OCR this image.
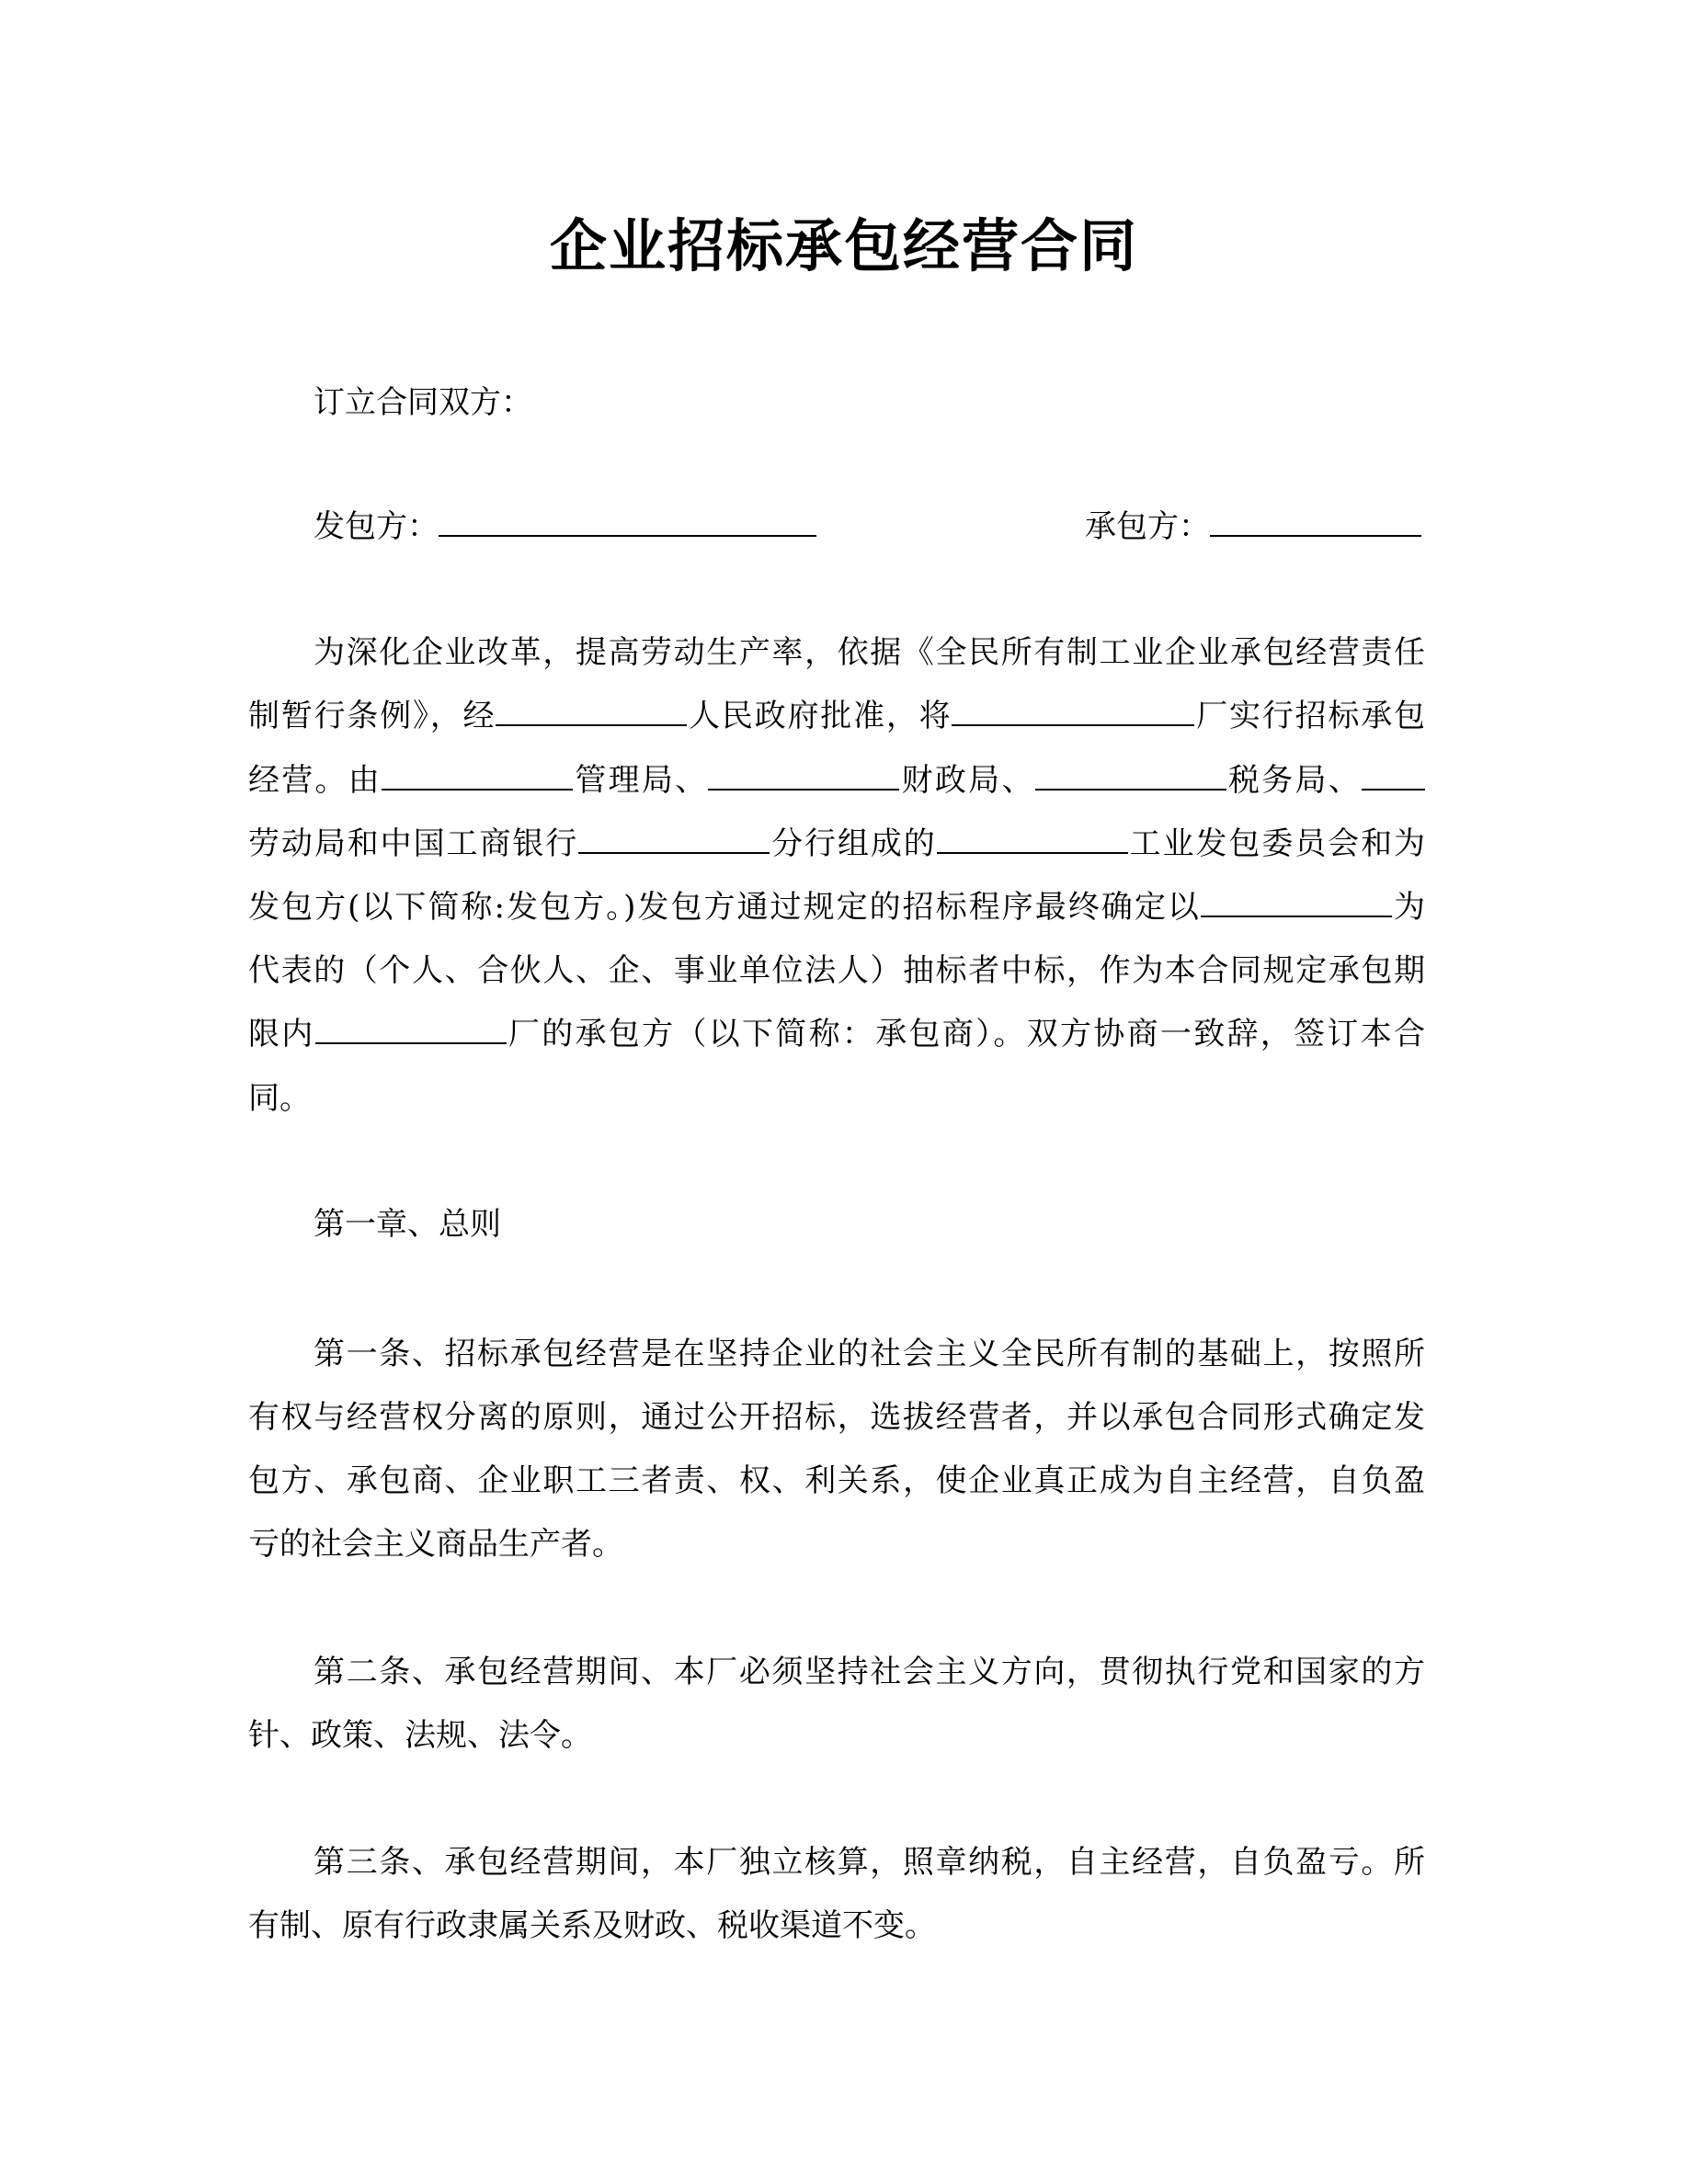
企业招标承包经营合同
订立合同双方：
发包方：	承包方：
为深化企业改革，提高劳动生产率，依据《全民所有制工业企业承包经营责任
制暂行条例》，经	人民政府批准，将	厂实行招标承包
经营。由	管理局、	财政局、	税务局、
劳动局和中国工商银行	分行组成的	工业发包委员会和为
发包方(以下简称:发包方。)发包方通过规定的招标程序最终确定以	为
代表的（个人、合伙人、企、事业单位法人）抽标者中标，作为本合同规定承包期
限内	厂的承包方（以下简称：承包商）。双方协商一致辞，签订本合
同。
第一章、总则
第一条、招标承包经营是在坚持企业的社会主义全民所有制的基础上，按照所
有权与经营权分离的原则，通过公开招标，选拔经营者，并以承包合同形式确定发
包方、承包商、企业职工三者责、权、利关系，使企业真正成为自主经营，自负盈
亏的社会主义商品生产者。
第二条、承包经营期间、本厂必须坚持社会主义方向，贯彻执行党和国家的方
针、政策、法规、法令。
第三条、承包经营期间，本厂独立核算，照章纳税，自主经营，自负盈亏。所
有制、原有行政隶属关系及财政、税收渠道不变。
